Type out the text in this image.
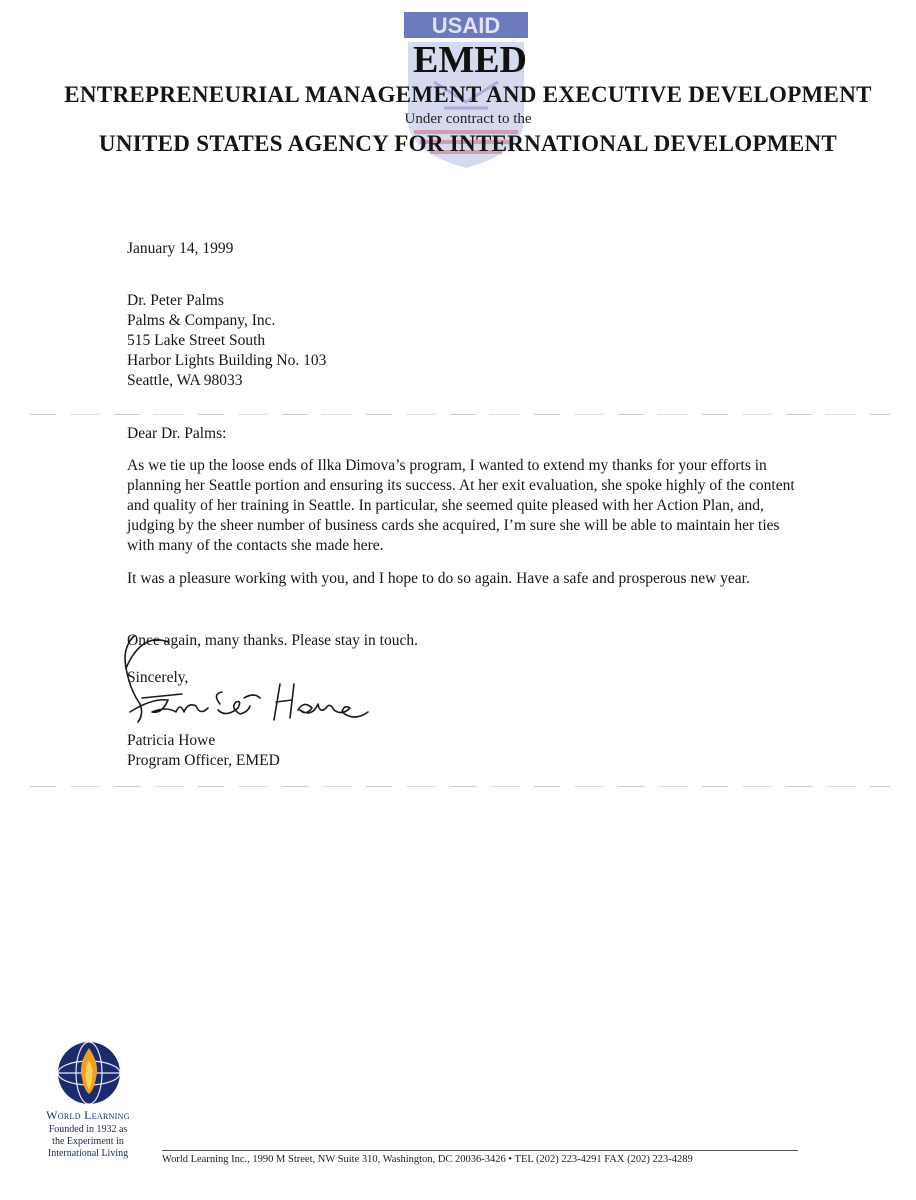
USAID
EMED
ENTREPRENEURIAL MANAGEMENT AND EXECUTIVE DEVELOPMENT
Under contract to the
UNITED STATES AGENCY FOR INTERNATIONAL DEVELOPMENT
January 14, 1999
Dr. Peter Palms
Palms & Company, Inc.
515 Lake Street South
Harbor Lights Building No. 103
Seattle, WA 98033
Dear Dr. Palms:
As we tie up the loose ends of Ilka Dimova’s program, I wanted to extend my thanks for your efforts in planning her Seattle portion and ensuring its success. At her exit evaluation, she spoke highly of the content and quality of her training in Seattle. In particular, she seemed quite pleased with her Action Plan, and, judging by the sheer number of business cards she acquired, I’m sure she will be able to maintain her ties with many of the contacts she made here.
It was a pleasure working with you, and I hope to do so again. Have a safe and prosperous new year.
Once again, many thanks. Please stay in touch.
Sincerely,
Patricia Howe
Program Officer, EMED
World Learning
Founded in 1932 as
the Experiment in
International Living
World Learning Inc., 1990 M Street, NW Suite 310, Washington, DC 20036-3426 • TEL (202) 223-4291 FAX (202) 223-4289
